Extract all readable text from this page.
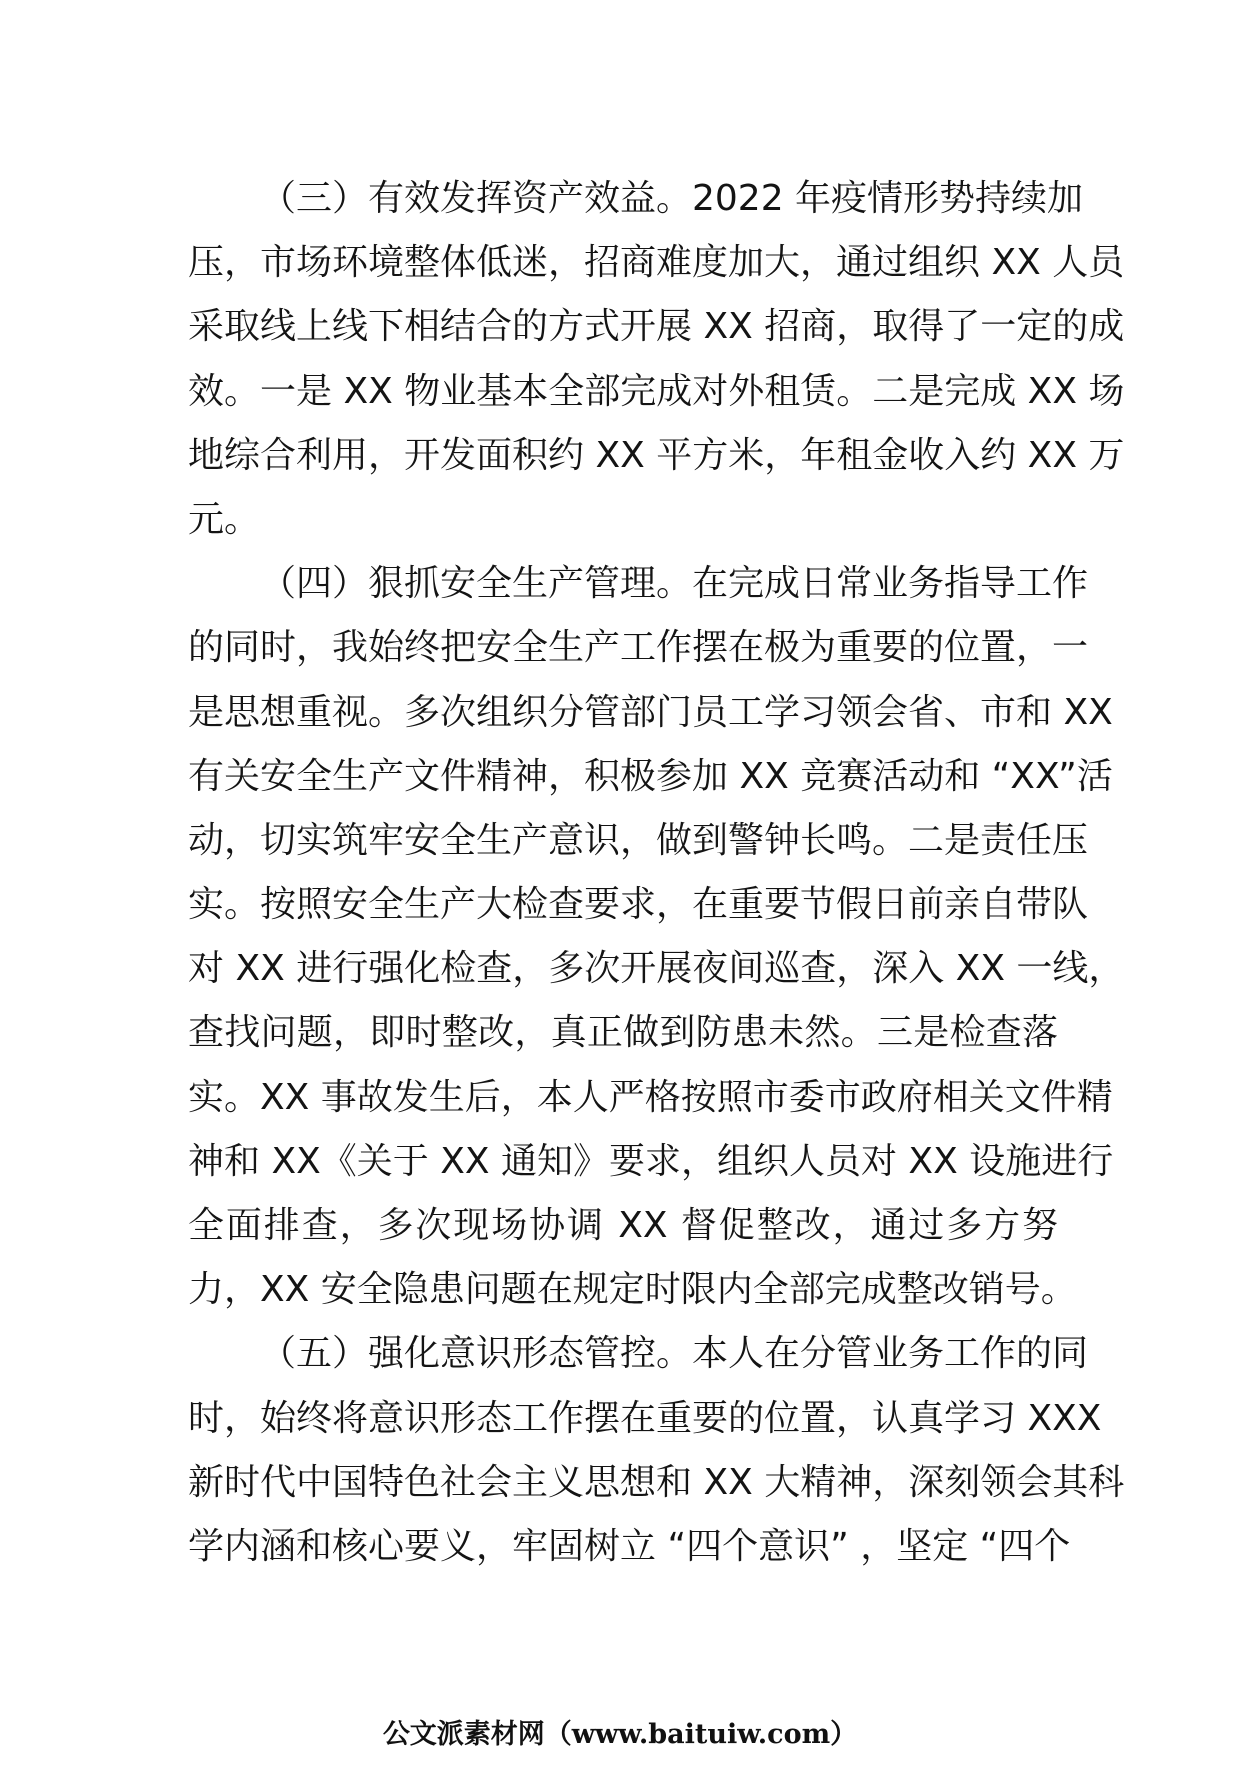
（三）有效发挥资产效益。2022 年疫情形势持续加
压，市场环境整体低迷，招商难度加大，通过组织 XX 人员
采取线上线下相结合的方式开展 XX 招商，取得了一定的成
效。一是 XX 物业基本全部完成对外租赁。二是完成 XX 场
地综合利用，开发面积约 XX 平方米，年租金收入约 XX 万
元。
（四）狠抓安全生产管理。在完成日常业务指导工作
的同时，我始终把安全生产工作摆在极为重要的位置，一
是思想重视。多次组织分管部门员工学习领会省、市和 XX
有关安全生产文件精神，积极参加 XX 竞赛活动和 “XX”活
动，切实筑牢安全生产意识，做到警钟长鸣。二是责任压
实。按照安全生产大检查要求，在重要节假日前亲自带队
对 XX 进行强化检查，多次开展夜间巡查，深入 XX 一线，
查找问题，即时整改，真正做到防患未然。三是检查落
实。XX 事故发生后，本人严格按照市委市政府相关文件精
神和 XX《关于 XX 通知》要求，组织人员对 XX 设施进行
全面排查，多次现场协调 XX 督促整改，通过多方努
力，XX 安全隐患问题在规定时限内全部完成整改销号。
（五）强化意识形态管控。本人在分管业务工作的同
时，始终将意识形态工作摆在重要的位置，认真学习 XXX
新时代中国特色社会主义思想和 XX 大精神，深刻领会其科
学内涵和核心要义，牢固树立 “四个意识” ，坚定 “四个
公文派素材网（www.baituiw.com）
